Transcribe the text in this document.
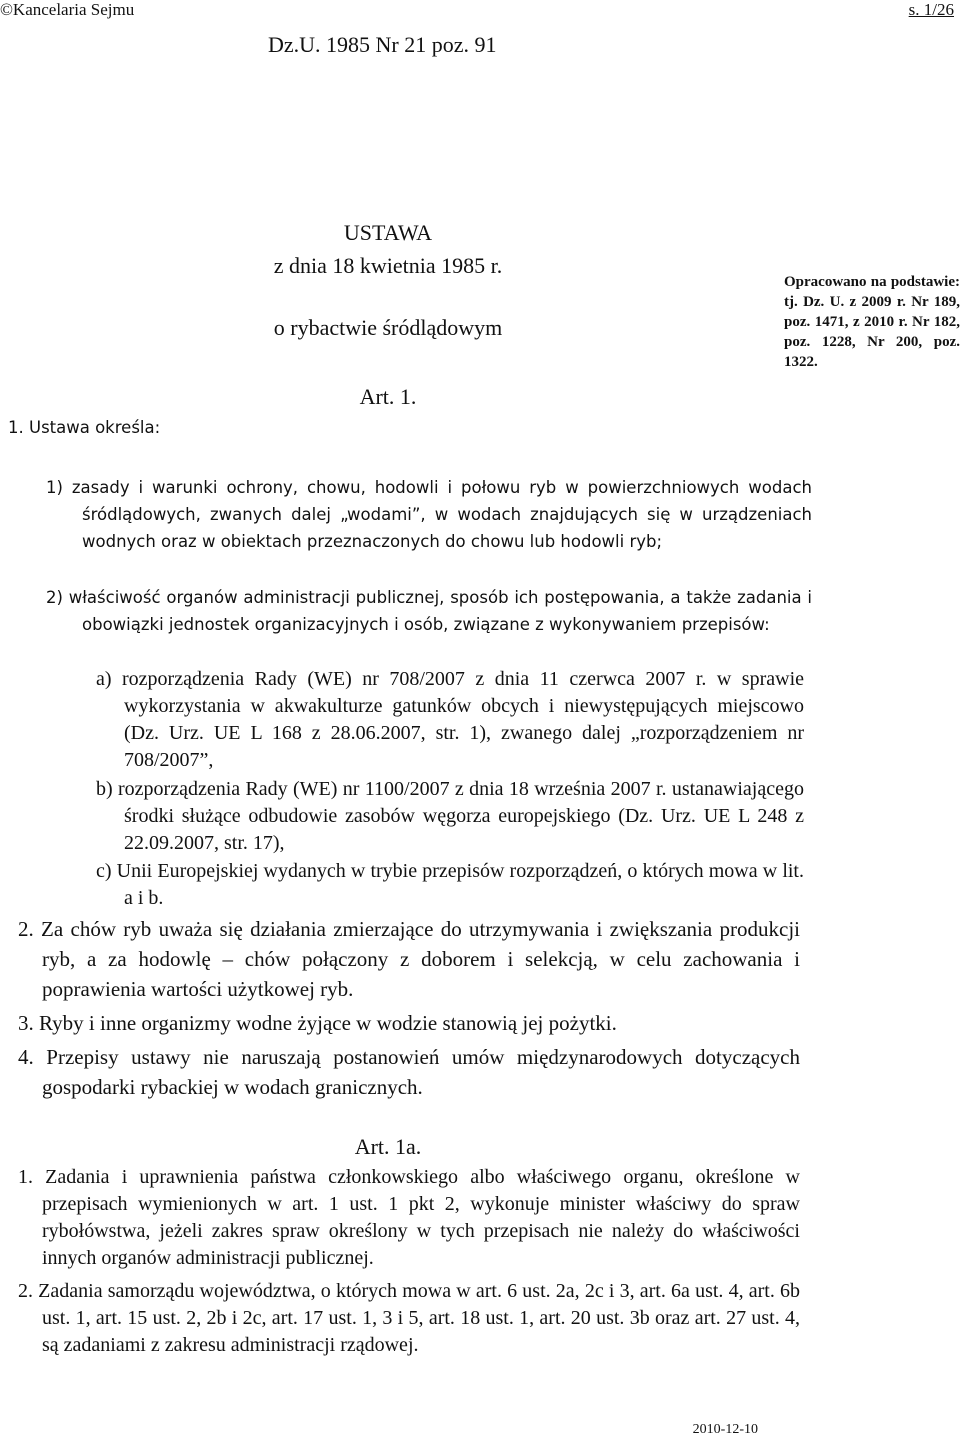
©Kancelaria Sejmu	s. 1/26
Dz.U. 1985 Nr 21 poz. 91
USTAWA
z dnia 18 kwietnia 1985 r.
o rybactwie śródlądowym
Opracowano na podstawie: tj. Dz. U. z 2009 r. Nr 189, poz. 1471, z 2010 r. Nr 182, poz. 1228, Nr 200, poz. 1322.
Art. 1.
1. Ustawa określa:
1) zasady i warunki ochrony, chowu, hodowli i połowu ryb w powierzchniowych wodach śródlądowych, zwanych dalej „wodami”, w wodach znajdujących się w urządzeniach wodnych oraz w obiektach przeznaczonych do chowu lub hodowli ryb;
2) właściwość organów administracji publicznej, sposób ich postępowania, a także zadania i obowiązki jednostek organizacyjnych i osób, związane z wykonywaniem przepisów:
a) rozporządzenia Rady (WE) nr 708/2007 z dnia 11 czerwca 2007 r. w sprawie wykorzystania w akwakulturze gatunków obcych i niewystępujących miejscowo (Dz. Urz. UE L 168 z 28.06.2007, str. 1), zwanego dalej „rozporządzeniem nr 708/2007”,
b) rozporządzenia Rady (WE) nr 1100/2007 z dnia 18 września 2007 r. ustanawiającego środki służące odbudowie zasobów węgorza europejskiego (Dz. Urz. UE L 248 z 22.09.2007, str. 17),
c) Unii Europejskiej wydanych w trybie przepisów rozporządzeń, o których mowa w lit. a i b.
2. Za chów ryb uważa się działania zmierzające do utrzymywania i zwiększania produkcji ryb, a za hodowlę – chów połączony z doborem i selekcją, w celu zachowania i poprawienia wartości użytkowej ryb.
3. Ryby i inne organizmy wodne żyjące w wodzie stanowią jej pożytki.
4. Przepisy ustawy nie naruszają postanowień umów międzynarodowych dotyczących gospodarki rybackiej w wodach granicznych.
Art. 1a.
1. Zadania i uprawnienia państwa członkowskiego albo właściwego organu, określone w przepisach wymienionych w art. 1 ust. 1 pkt 2, wykonuje minister właściwy do spraw rybołówstwa, jeżeli zakres spraw określony w tych przepisach nie należy do właściwości innych organów administracji publicznej.
2. Zadania samorządu województwa, o których mowa w art. 6 ust. 2a, 2c i 3, art. 6a ust. 4, art. 6b ust. 1, art. 15 ust. 2, 2b i 2c, art. 17 ust. 1, 3 i 5, art. 18 ust. 1, art. 20 ust. 3b oraz art. 27 ust. 4, są zadaniami z zakresu administracji rządowej.
2010-12-10
